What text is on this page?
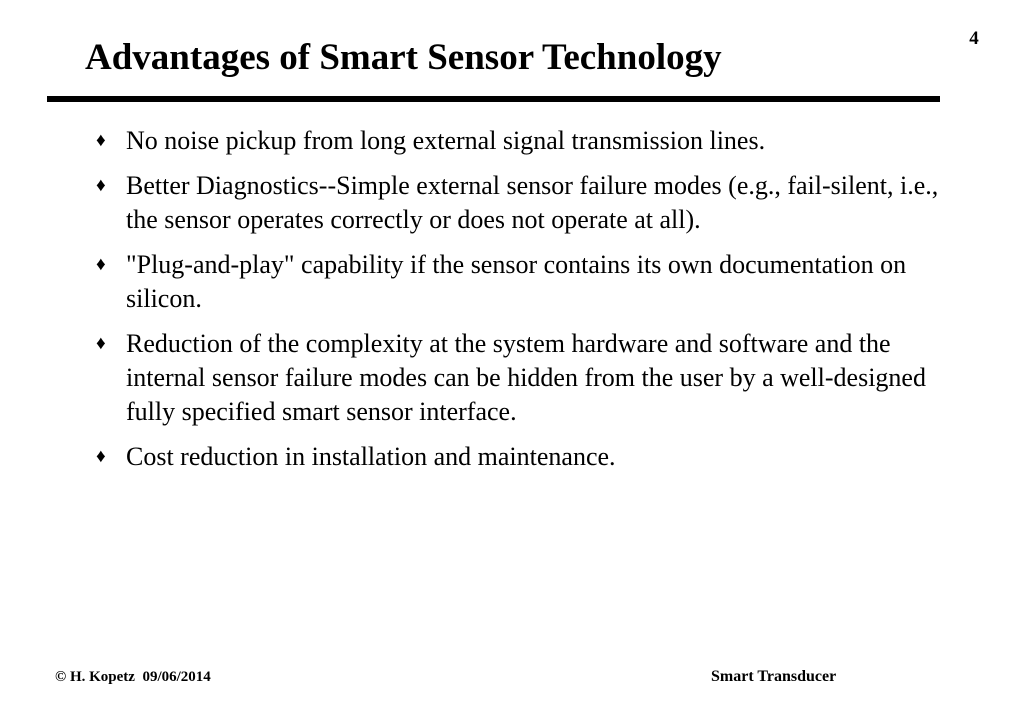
4
Advantages of Smart Sensor Technology
♦ No noise pickup from long external signal transmission lines.
♦ Better Diagnostics--Simple external sensor failure modes (e.g., fail-silent, i.e., the sensor operates correctly or does not operate at all).
♦ "Plug-and-play" capability if the sensor contains its own documentation on silicon.
♦ Reduction of the complexity at the system hardware and software and the internal sensor failure modes can be hidden from the user by a well-designed fully specified smart sensor interface.
♦ Cost reduction in installation and maintenance.
© H. Kopetz  09/06/2014	Smart Transducer
